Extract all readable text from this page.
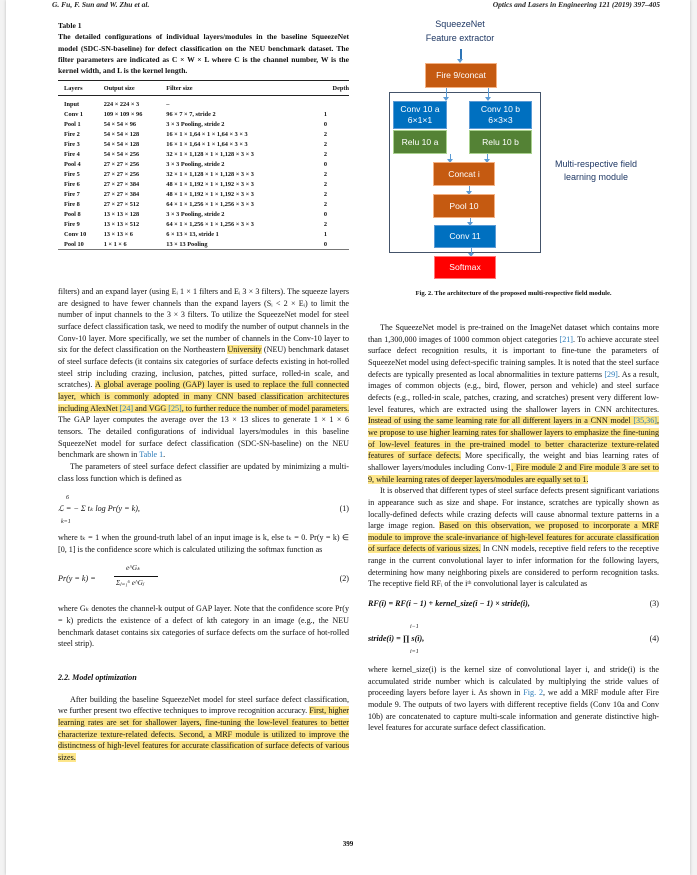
G. Fu, F. Sun and W. Zhu et al.	Optics and Lasers in Engineering 121 (2019) 397–405
Table 1
The detailed configurations of individual layers/modules in the baseline SqueezeNet model (SDC-SN-baseline) for defect classification on the NEU benchmark dataset. The filter parameters are indicated as C × W × L where C is the channel number, W is the kernel width, and L is the kernel length.
Layers	Output size	Filter size	Depth
Input	224 × 224 × 3	–	
Conv 1	109 × 109 × 96	96 × 7 × 7, stride 2	1
Pool 1	54 × 54 × 96	3 × 3 Pooling, stride 2	0
Fire 2	54 × 54 × 128	16 × 1 × 1,64 × 1 × 1,64 × 3 × 3	2
Fire 3	54 × 54 × 128	16 × 1 × 1,64 × 1 × 1,64 × 3 × 3	2
Fire 4	54 × 54 × 256	32 × 1 × 1,128 × 1 × 1,128 × 3 × 3	2
Pool 4	27 × 27 × 256	3 × 3 Pooling, stride 2	0
Fire 5	27 × 27 × 256	32 × 1 × 1,128 × 1 × 1,128 × 3 × 3	2
Fire 6	27 × 27 × 384	48 × 1 × 1,192 × 1 × 1,192 × 3 × 3	2
Fire 7	27 × 27 × 384	48 × 1 × 1,192 × 1 × 1,192 × 3 × 3	2
Fire 8	27 × 27 × 512	64 × 1 × 1,256 × 1 × 1,256 × 3 × 3	2
Pool 8	13 × 13 × 128	3 × 3 Pooling, stride 2	0
Fire 9	13 × 13 × 512	64 × 1 × 1,256 × 1 × 1,256 × 3 × 3	2
Conv 10	13 × 13 × 6	6 × 13 × 13, stride 1	1
Pool 10	1 × 1 × 6	13 × 13 Pooling	0
SqueezeNet
Feature extractor
Fire 9/concat
Conv 10 a
6×1×1
Conv 10 b
6×3×3
Relu 10 a	Relu 10 b
Concat i
Pool 10
Conv 11
Softmax
Multi-respective field
learning module
Fig. 2. The architecture of the proposed multi-respective field module.
filters) and an expand layer (using Eᵢ 1 × 1 filters and Eᵢ 3 × 3 filters). The squeeze layers are designed to have fewer channels than the expand layers (Sᵢ < 2 × Eᵢ) to limit the number of input channels to the 3 × 3 filters. To utilize the SqueezeNet model for steel surface defect classification task, we need to modify the number of output channels in the Conv-10 layer. More specifically, we set the number of channels in the Conv-10 layer to six for the defect classification on the Northeastern University (NEU) benchmark dataset of steel surface defects (it contains six categories of surface defects existing in hot-rolled steel strip including crazing, inclusion, patches, pitted surface, rolled-in scale, and scratches). A global average pooling (GAP) layer is used to replace the full connected layer, which is commonly adopted in many CNN based classification architectures including AlexNet [24] and VGG [25], to further reduce the number of model parameters. The GAP layer computes the average over the 13 × 13 slices to generate 1 × 1 × 6 tensors. The detailed configurations of individual layers/modules in this baseline SqueezeNet model for surface defect classification (SDC-SN-baseline) on the NEU benchmark are shown in Table 1.
The parameters of steel surface defect classifier are updated by minimizing a multi-class loss function which is defined as
6
ℒ = − Σ tₖ log Pr(y = k),
k=1
(1)
where tₖ = 1 when the ground-truth label of an input image is k, else tₖ = 0. Pr(y = k) ∈ [0, 1] is the confidence score which is calculated utilizing the softmax function as
Pr(y = k) =
e^Gₖ
Σⱼ₌₁⁶ e^Gⱼ	(2)
where Gₖ denotes the channel-k output of GAP layer. Note that the confidence score Pr(y = k) predicts the existence of a defect of kth category in an image (e.g., the NEU benchmark dataset contains six categories of surface defects om the surface of hot-rolled steel strip).
2.2. Model optimization
After building the baseline SqueezeNet model for steel surface defect classification, we further present two effective techniques to improve recognition accuracy. First, higher learning rates are set for shallower layers, fine-tuning the low-level features to better characterize texture-related defects. Second, a MRF module is utilized to improve the distinctness of high-level features for accurate classification of surface defects of various sizes.
The SqueezeNet model is pre-trained on the ImageNet dataset which contains more than 1,300,000 images of 1000 common object categories [21]. To achieve accurate steel surface defect recognition results, it is important to fine-tune the parameters of SqueezeNet model using defect-specific training samples. It is noted that the steel surface defects are typically presented as local abnormalities in texture patterns [29]. As a result, images of common objects (e.g., bird, flower, person and vehicle) and steel surface defects (e.g., rolled-in scale, patches, crazing, and scratches) present very different low-level features, which are extracted using the shallower layers in CNN architectures. Instead of using the same learning rate for all different layers in a CNN model [35,36], we propose to use higher learning rates for shallower layers to emphasize the fine-tuning of low-level features in the pre-trained model to better characterize texture-related features of surface defects. More specifically, the weight and bias learning rates of shallower layers/modules including Conv-1, Fire module 2 and Fire module 3 are set to 9, while learning rates of deeper layers/modules are equally set to 1.
It is observed that different types of steel surface defects present significant variations in appearance such as size and shape. For instance, scratches are typically shown as locally-defined defects while crazing defects will cause abnormal texture patterns in a large image region. Based on this observation, we proposed to incorporate a MRF module to improve the scale-invariance of high-level features for accurate classification of surface defects of various sizes. In CNN models, receptive field refers to the receptive range in the current convolutional layer to infer information for the following layers, determining how many neighboring pixels are considered to perform recognition tasks. The receptive field RFᵢ of the iᵗʰ convolutional layer is calculated as
RF(i) = RF(i − 1) + kernel_size(i − 1) × stride(i),	(3)
i−1
stride(i) = ∏ s(i),
i=1
(4)
where kernel_size(i) is the kernel size of convolutional layer i, and stride(i) is the accumulated stride number which is calculated by multiplying the stride values of proceeding layers before layer i. As shown in Fig. 2, we add a MRF module after Fire module 9. The outputs of two layers with different receptive fields (Conv 10a and Conv 10b) are concatenated to capture multi-scale information and generate distinctive high-level features for accurate surface defect classification.
399
